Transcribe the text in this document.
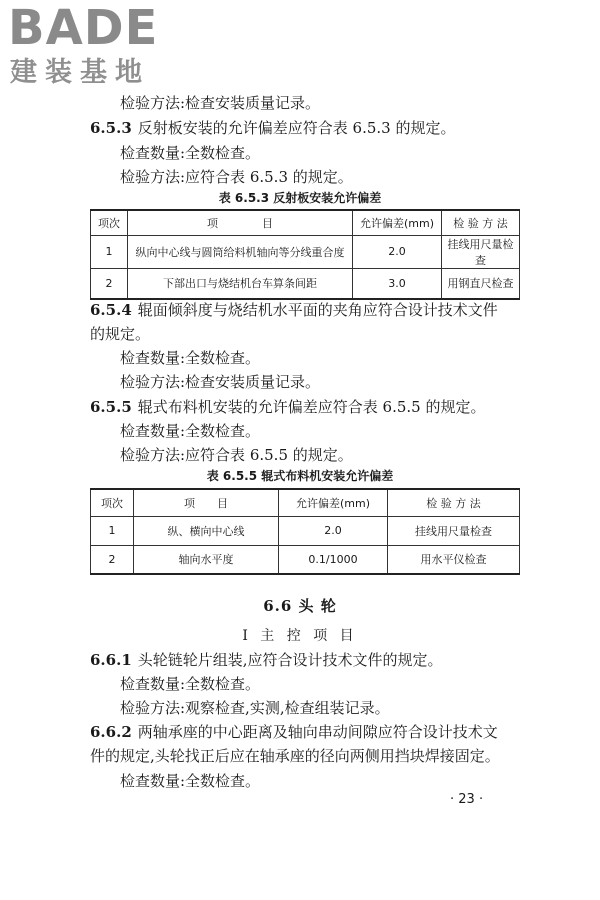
BADE
建装基地
检验方法:检查安装质量记录。
6.5.3 反射板安装的允许偏差应符合表 6.5.3 的规定。
检查数量:全数检查。
检验方法:应符合表 6.5.3 的规定。
表 6.5.3 反射板安装允许偏差
项次	项　　　　目	允许偏差(mm)	检 验 方 法
1	纵向中心线与圆筒给料机轴向等分线重合度	2.0	挂线用尺量检查
2	下部出口与烧结机台车算条间距	3.0	用钢直尺检查
6.5.4 辊面倾斜度与烧结机水平面的夹角应符合设计技术文件
的规定。
检查数量:全数检查。
检验方法:检查安装质量记录。
6.5.5 辊式布料机安装的允许偏差应符合表 6.5.5 的规定。
检查数量:全数检查。
检验方法:应符合表 6.5.5 的规定。
表 6.5.5 辊式布料机安装允许偏差
项次	项　　目	允许偏差(mm)	检 验 方 法
1	纵、横向中心线	2.0	挂线用尺量检查
2	轴向水平度	0.1/1000	用水平仪检查
6.6 头 轮
Ⅰ 主 控 项 目
6.6.1 头轮链轮片组装,应符合设计技术文件的规定。
检查数量:全数检查。
检验方法:观察检查,实测,检查组装记录。
6.6.2 两轴承座的中心距离及轴向串动间隙应符合设计技术文
件的规定,头轮找正后应在轴承座的径向两侧用挡块焊接固定。
检查数量:全数检查。
· 23 ·
